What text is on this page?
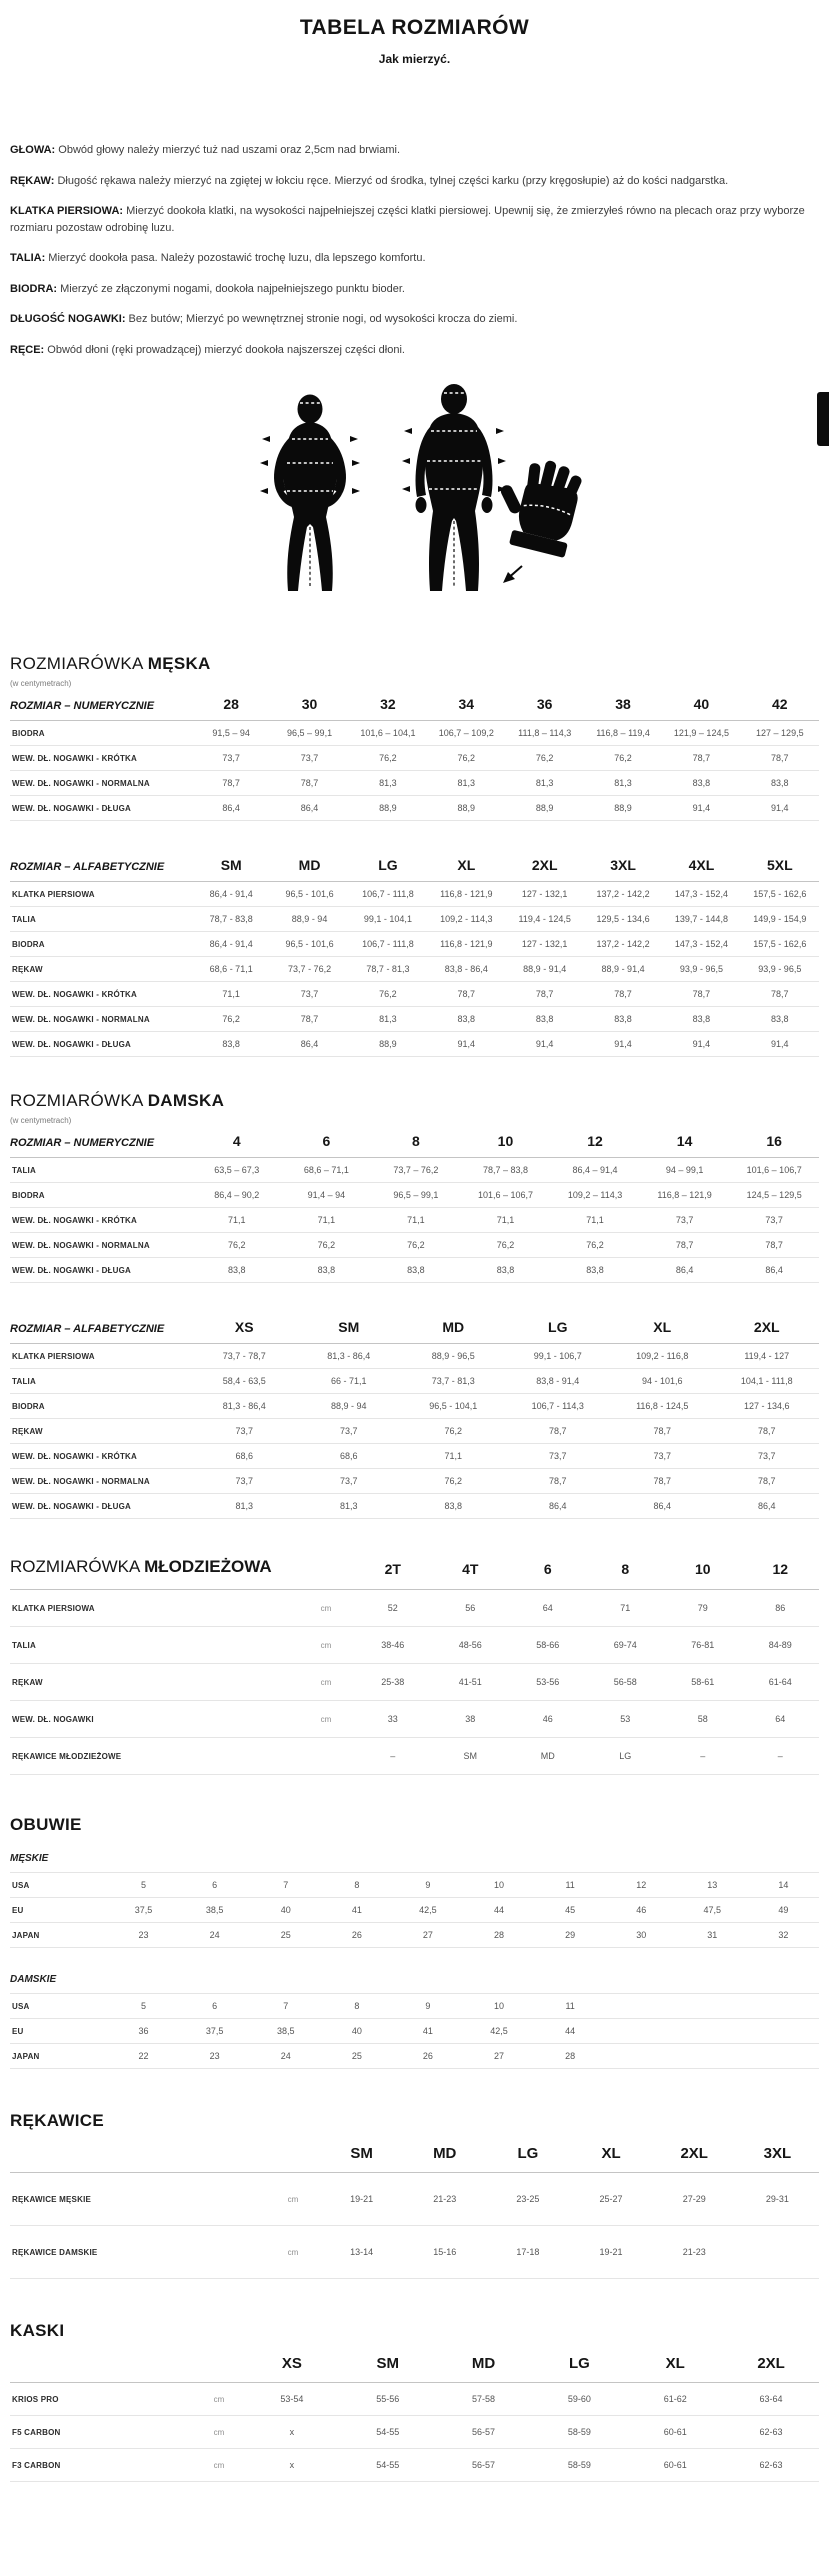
TABELA ROZMIARÓW
Jak mierzyć.

GŁOWA: Obwód głowy należy mierzyć tuż nad uszami oraz 2,5cm nad brwiami.

RĘKAW: Długość rękawa należy mierzyć na zgiętej w łokciu ręce. Mierzyć od środka, tylnej części karku (przy kręgosłupie) aż do kości nadgarstka.

KLATKA PIERSIOWA: Mierzyć dookoła klatki, na wysokości najpełniejszej części klatki piersiowej. Upewnij się, że zmierzyłeś równo na plecach oraz przy wyborze rozmiaru pozostaw odrobinę luzu.

TALIA: Mierzyć dookoła pasa. Należy pozostawić trochę luzu, dla lepszego komfortu.

BIODRA: Mierzyć ze złączonymi nogami, dookoła najpełniejszego punktu bioder.

DŁUGOŚĆ NOGAWKI: Bez butów; Mierzyć po wewnętrznej stronie nogi, od wysokości krocza do ziemi.

RĘCE: Obwód dłoni (ręki prowadzącej) mierzyć dookoła najszerszej części dłoni.

ROZMIARÓWKA MĘSKA
(w centymetrach)
ROZMIAR – NUMERYCZNIE	28	30	32	34	36	38	40	42
BIODRA	91,5 – 94	96,5 – 99,1	101,6 – 104,1	106,7 – 109,2	111,8 – 114,3	116,8 – 119,4	121,9 – 124,5	127 – 129,5
WEW. DŁ. NOGAWKI - KRÓTKA	73,7	73,7	76,2	76,2	76,2	76,2	78,7	78,7
WEW. DŁ. NOGAWKI - NORMALNA	78,7	78,7	81,3	81,3	81,3	81,3	83,8	83,8
WEW. DŁ. NOGAWKI - DŁUGA	86,4	86,4	88,9	88,9	88,9	88,9	91,4	91,4
ROZMIAR – ALFABETYCZNIE	SM	MD	LG	XL	2XL	3XL	4XL	5XL
KLATKA PIERSIOWA	86,4 - 91,4	96,5 - 101,6	106,7 - 111,8	116,8 - 121,9	127 - 132,1	137,2 - 142,2	147,3 - 152,4	157,5 - 162,6
TALIA	78,7 - 83,8	88,9 - 94	99,1 - 104,1	109,2 - 114,3	119,4 - 124,5	129,5 - 134,6	139,7 - 144,8	149,9 - 154,9
BIODRA	86,4 - 91,4	96,5 - 101,6	106,7 - 111,8	116,8 - 121,9	127 - 132,1	137,2 - 142,2	147,3 - 152,4	157,5 - 162,6
RĘKAW	68,6 - 71,1	73,7 - 76,2	78,7 - 81,3	83,8 - 86,4	88,9 - 91,4	88,9 - 91,4	93,9 - 96,5	93,9 - 96,5
WEW. DŁ. NOGAWKI - KRÓTKA	71,1	73,7	76,2	78,7	78,7	78,7	78,7	78,7
WEW. DŁ. NOGAWKI - NORMALNA	76,2	78,7	81,3	83,8	83,8	83,8	83,8	83,8
WEW. DŁ. NOGAWKI - DŁUGA	83,8	86,4	88,9	91,4	91,4	91,4	91,4	91,4
ROZMIARÓWKA DAMSKA
(w centymetrach)
ROZMIAR – NUMERYCZNIE	4	6	8	10	12	14	16
TALIA	63,5 – 67,3	68,6 – 71,1	73,7 – 76,2	78,7 – 83,8	86,4 – 91,4	94 – 99,1	101,6 – 106,7
BIODRA	86,4 – 90,2	91,4 – 94	96,5 – 99,1	101,6 – 106,7	109,2 – 114,3	116,8 – 121,9	124,5 – 129,5
WEW. DŁ. NOGAWKI - KRÓTKA	71,1	71,1	71,1	71,1	71,1	73,7	73,7
WEW. DŁ. NOGAWKI - NORMALNA	76,2	76,2	76,2	76,2	76,2	78,7	78,7
WEW. DŁ. NOGAWKI - DŁUGA	83,8	83,8	83,8	83,8	83,8	86,4	86,4
ROZMIAR – ALFABETYCZNIE	XS	SM	MD	LG	XL	2XL
KLATKA PIERSIOWA	73,7 - 78,7	81,3 - 86,4	88,9 - 96,5	99,1 - 106,7	109,2 - 116,8	119,4 - 127
TALIA	58,4 - 63,5	66 - 71,1	73,7 - 81,3	83,8 - 91,4	94 - 101,6	104,1 - 111,8
BIODRA	81,3 - 86,4	88,9 - 94	96,5 - 104,1	106,7 - 114,3	116,8 - 124,5	127 - 134,6
RĘKAW	73,7	73,7	76,2	78,7	78,7	78,7
WEW. DŁ. NOGAWKI - KRÓTKA	68,6	68,6	71,1	73,7	73,7	73,7
WEW. DŁ. NOGAWKI - NORMALNA	73,7	73,7	76,2	78,7	78,7	78,7
WEW. DŁ. NOGAWKI - DŁUGA	81,3	81,3	83,8	86,4	86,4	86,4
ROZMIARÓWKA MŁODZIEŻOWA		2T	4T	6	8	10	12
KLATKA PIERSIOWA	cm	52	56	64	71	79	86
TALIA	cm	38-46	48-56	58-66	69-74	76-81	84-89
RĘKAW	cm	25-38	41-51	53-56	56-58	58-61	61-64
WEW. DŁ. NOGAWKI	cm	33	38	46	53	58	64
RĘKAWICE MŁODZIEŻOWE		–	SM	MD	LG	–	–
OBUWIE
MĘSKIE
USA	5	6	7	8	9	10	11	12	13	14
EU	37,5	38,5	40	41	42,5	44	45	46	47,5	49
JAPAN	23	24	25	26	27	28	29	30	31	32
DAMSKIE
USA	5	6	7	8	9	10	11			
EU	36	37,5	38,5	40	41	42,5	44			
JAPAN	22	23	24	25	26	27	28			
RĘKAWICE
		SM	MD	LG	XL	2XL	3XL
RĘKAWICE MĘSKIE	cm	19-21	21-23	23-25	25-27	27-29	29-31
RĘKAWICE DAMSKIE	cm	13-14	15-16	17-18	19-21	21-23	
KASKI
		XS	SM	MD	LG	XL	2XL
KRIOS PRO	cm	53-54	55-56	57-58	59-60	61-62	63-64
F5 CARBON	cm	x	54-55	56-57	58-59	60-61	62-63
F3 CARBON	cm	x	54-55	56-57	58-59	60-61	62-63
